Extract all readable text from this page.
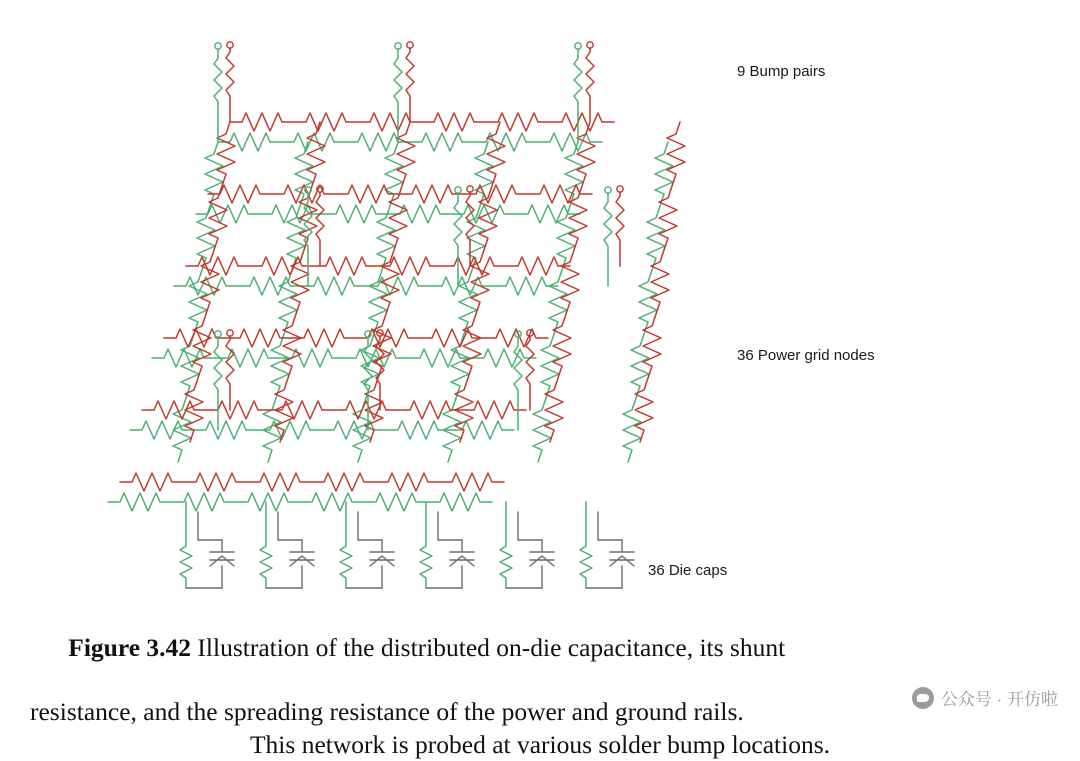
9 Bump pairs
36 Power grid nodes
36 Die caps

Figure 3.42 Illustration of the distributed on-die capacitance, its shunt

resistance, and the spreading resistance of the power and ground rails.
This network is probed at various solder bump locations.
公众号 · 开仿啦
